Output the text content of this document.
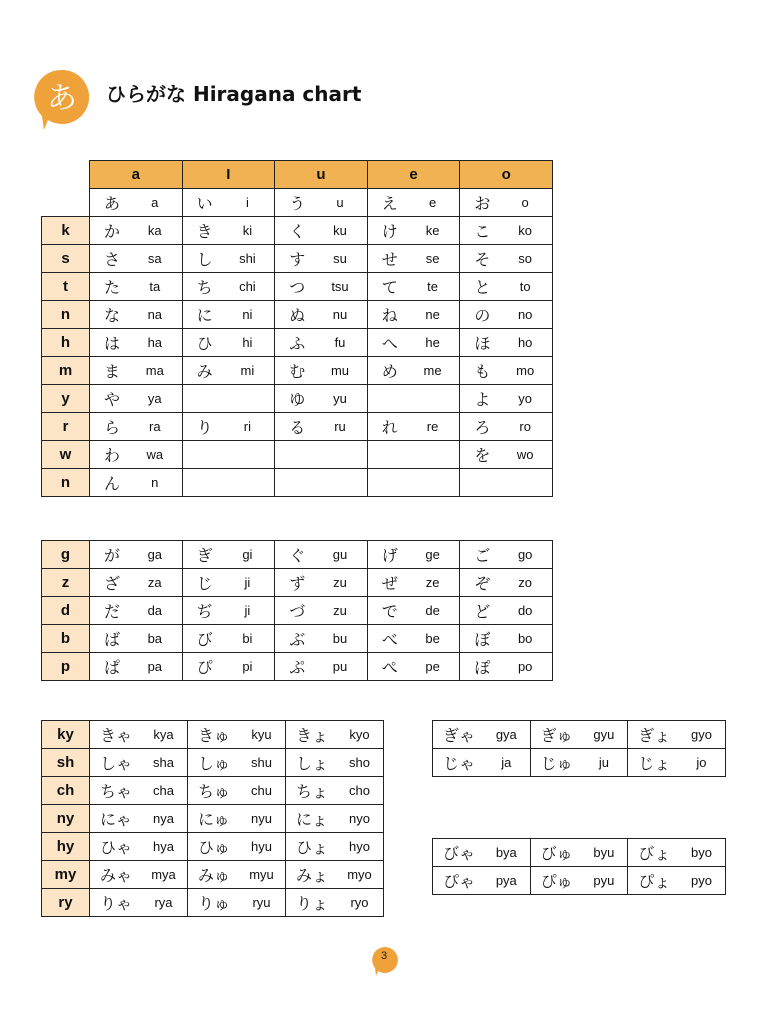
あ ひらがな Hiragana chart
	a	I	u	e	o

	あ a	い i	う u	え e	お o

k	か ka	き ki	く ku	け ke	こ ko

s	さ sa	し shi	す su	せ se	そ so

t	た ta	ち chi	つ tsu	て te	と to

n	な na	に ni	ぬ nu	ね ne	の no

h	は ha	ひ hi	ふ fu	へ he	ほ ho

m	ま ma	み mi	む mu	め me	も mo

y	や ya		ゆ yu		よ yo

r	ら ra	り ri	る ru	れ re	ろ ro

w	わ wa				を wo

n	ん n				

g	が ga	ぎ gi	ぐ gu	げ ge	ご go

z	ざ za	じ ji	ず zu	ぜ ze	ぞ zo

d	だ da	ぢ ji	づ zu	で de	ど do

b	ば ba	び bi	ぶ bu	べ be	ぼ bo

p	ぱ pa	ぴ pi	ぷ pu	ぺ pe	ぽ po
ky	きゃ kya	きゅ kyu	きょ kyo

sh	しゃ sha	しゅ shu	しょ sho

ch	ちゃ cha	ちゅ chu	ちょ cho

ny	にゃ nya	にゅ nyu	にょ nyo

hy	ひゃ hya	ひゅ hyu	ひょ hyo

my	みゃ mya	みゅ myu	みょ myo

ry	りゃ rya	りゅ ryu	りょ ryo
ぎゃ gya	ぎゅ gyu	ぎょ gyo

じゃ ja	じゅ ju	じょ jo
びゃ bya	びゅ byu	びょ byo

ぴゃ pya	ぴゅ pyu	ぴょ pyo
3
